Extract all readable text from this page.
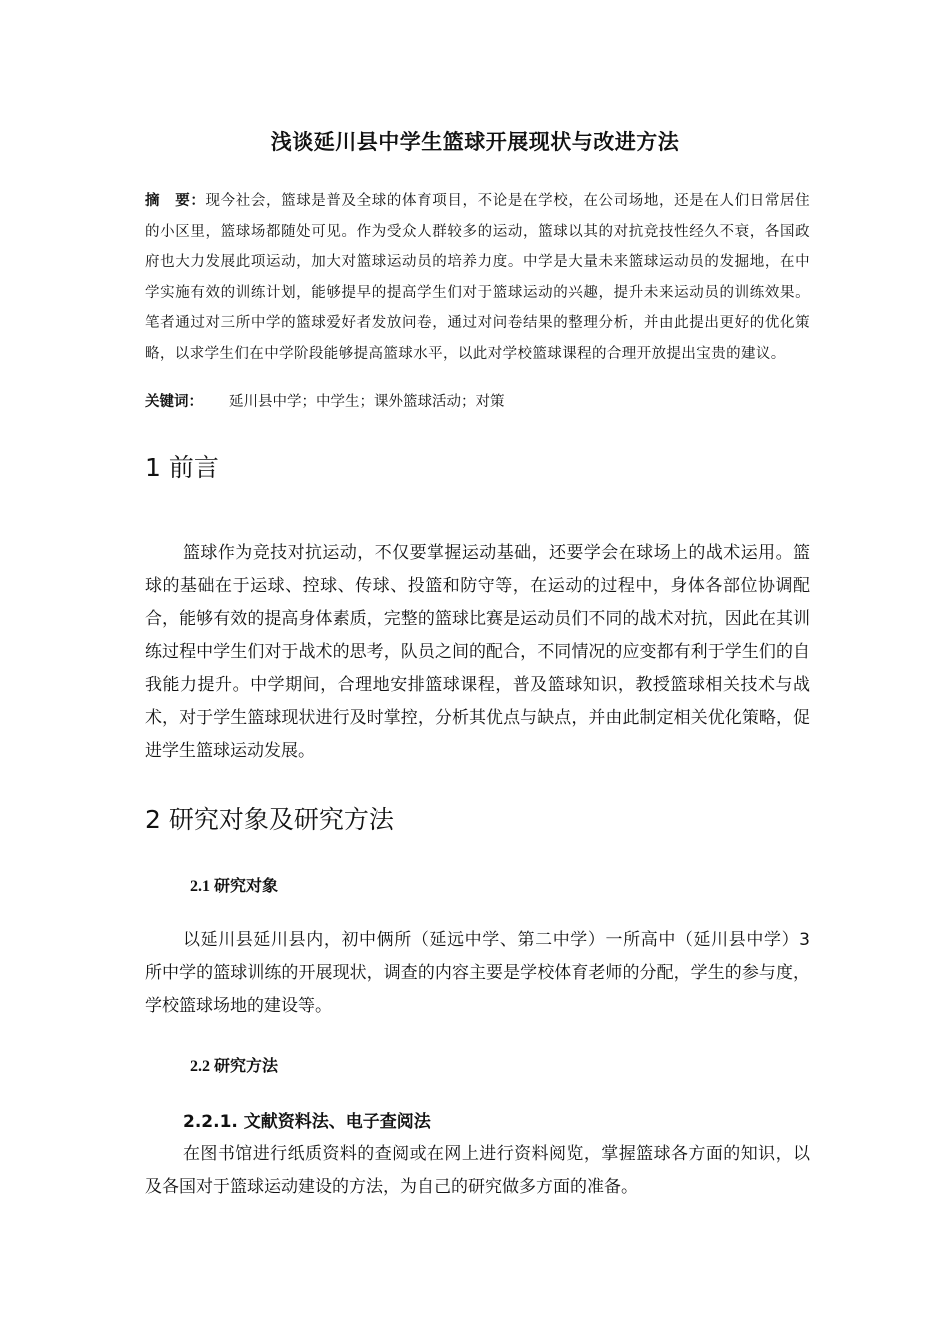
浅谈延川县中学生篮球开展现状与改进方法
摘　要：现今社会，篮球是普及全球的体育项目，不论是在学校，在公司场地，还是在人们日常居住的小区里，篮球场都随处可见。作为受众人群较多的运动，篮球以其的对抗竞技性经久不衰，各国政府也大力发展此项运动，加大对篮球运动员的培养力度。中学是大量未来篮球运动员的发掘地，在中学实施有效的训练计划，能够提早的提高学生们对于篮球运动的兴趣，提升未来运动员的训练效果。笔者通过对三所中学的篮球爱好者发放问卷，通过对问卷结果的整理分析，并由此提出更好的优化策略，以求学生们在中学阶段能够提高篮球水平，以此对学校篮球课程的合理开放提出宝贵的建议。
关键词： 延川县中学；中学生；课外篮球活动；对策
1 前言

篮球作为竞技对抗运动，不仅要掌握运动基础，还要学会在球场上的战术运用。篮球的基础在于运球、控球、传球、投篮和防守等，在运动的过程中，身体各部位协调配合，能够有效的提高身体素质，完整的篮球比赛是运动员们不同的战术对抗，因此在其训练过程中学生们对于战术的思考，队员之间的配合，不同情况的应变都有利于学生们的自我能力提升。中学期间，合理地安排篮球课程，普及篮球知识，教授篮球相关技术与战术，对于学生篮球现状进行及时掌控，分析其优点与缺点，并由此制定相关优化策略，促进学生篮球运动发展。

2 研究对象及研究方法
2.1 研究对象

以延川县延川县内，初中俩所（延远中学、第二中学）一所高中（延川县中学）3 所中学的篮球训练的开展现状，调查的内容主要是学校体育老师的分配，学生的参与度，学校篮球场地的建设等。

2.2 研究方法
2.2.1. 文献资料法、电子查阅法

在图书馆进行纸质资料的查阅或在网上进行资料阅览，掌握篮球各方面的知识，以及各国对于篮球运动建设的方法，为自己的研究做多方面的准备。
